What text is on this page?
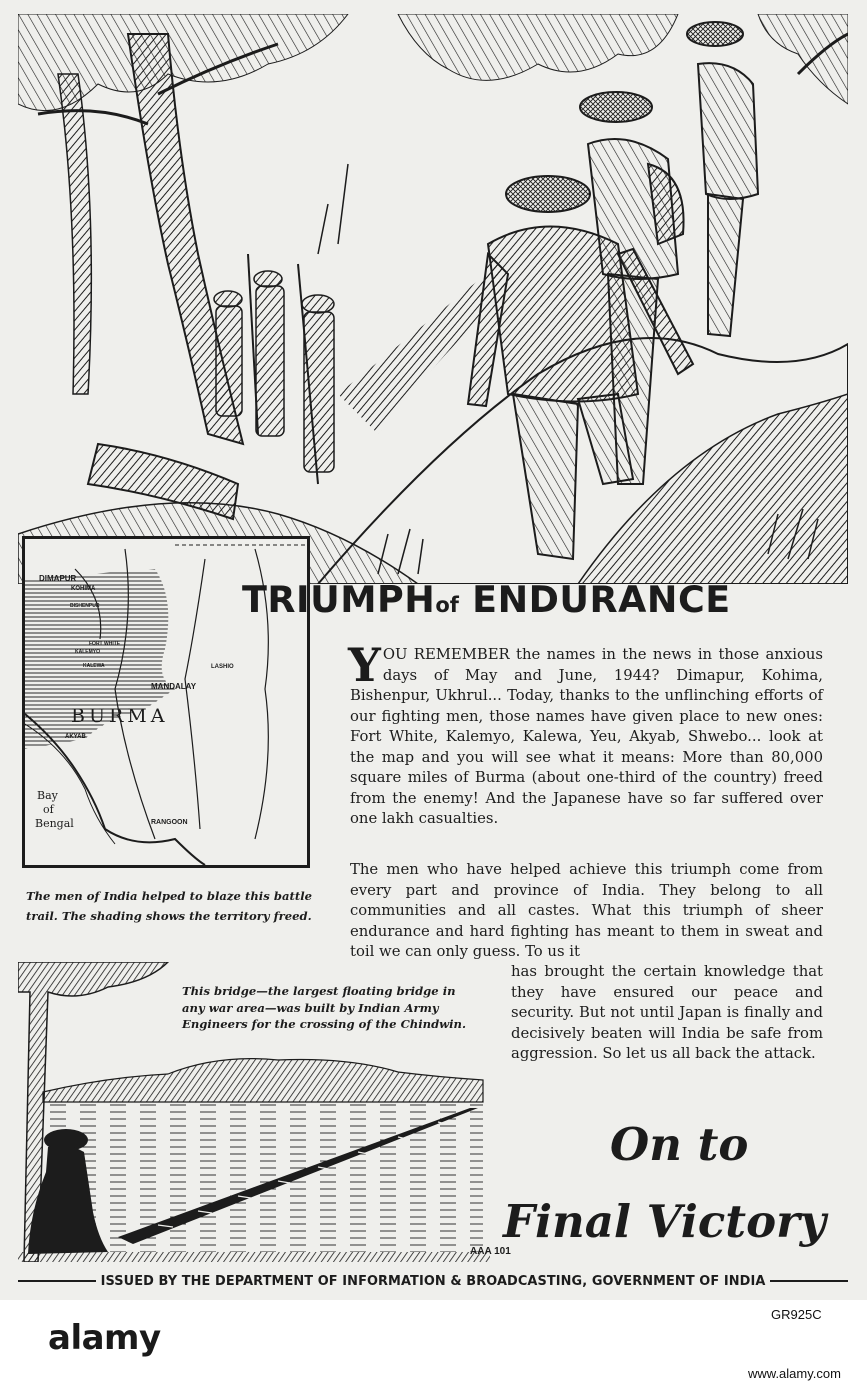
DIMAPUR
KOHIMA
BISHENPUR
FORT WHITE
KALEMYO
KALEWA	LASHIO
MANDALAY
BURMA
AKYAB
Bay
of
Bengal	RANGOON
TRIUMPHof ENDURANCE
YOU REMEMBER the names in the news in those anxious days of May and June, 1944? Dimapur, Kohima, Bishenpur, Ukhrul... Today, thanks to the unflinching efforts of our fighting men, those names have given place to new ones: Fort White, Kalemyo, Kalewa, Yeu, Akyab, Shwebo... look at the map and you will see what it means: More than 80,000 square miles of Burma (about one-third of the country) freed from the enemy! And the Japanese have so far suffered over one lakh casualties.
The men who have helped achieve this triumph come from every part and province of India. They belong to all communities and all castes. What this triumph of sheer endurance and hard fighting has meant to them in sweat and toil we can only guess. To us it
has brought the certain knowledge that they have ensured our peace and security. But not until Japan is finally and decisively beaten will India be safe from aggression. So let us all back the attack.
The men of India helped to blaze this battle trail. The shading shows the territory freed.
This bridge—the largest floating bridge in any war area—was built by Indian Army Engineers for the crossing of the Chindwin.
On to
Final Victory
AAA 101
ISSUED BY THE DEPARTMENT OF INFORMATION & BROADCASTING, GOVERNMENT OF INDIA
alamy
GR925C
www.alamy.com
